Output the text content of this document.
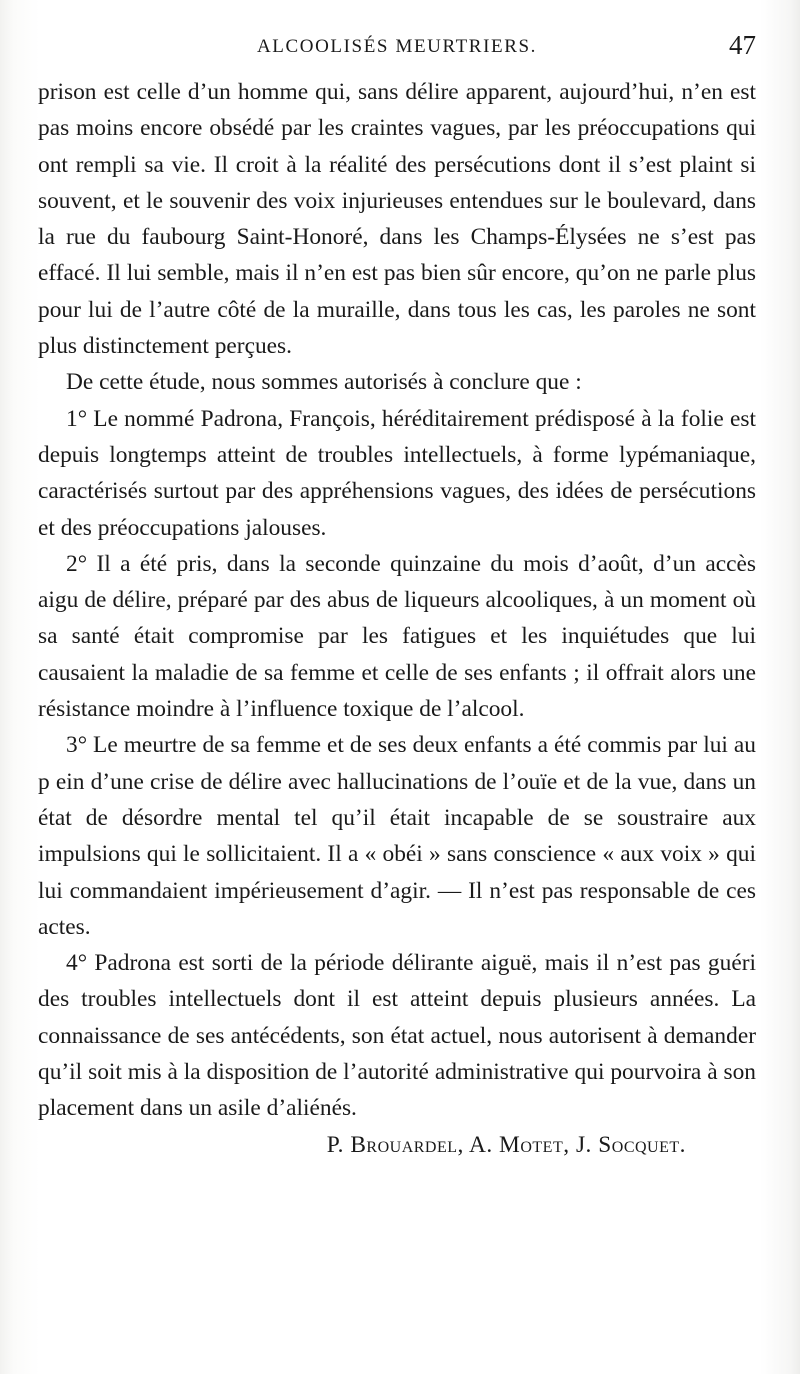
ALCOOLISÉS MEURTRIERS.	47

prison est celle d’un homme qui, sans délire apparent, aujourd’hui, n’en est pas moins encore obsédé par les craintes vagues, par les préoccupations qui ont rempli sa vie. Il croit à la réalité des persécutions dont il s’est plaint si souvent, et le souvenir des voix injurieuses entendues sur le boulevard, dans la rue du faubourg Saint-Honoré, dans les Champs-Élysées ne s’est pas effacé. Il lui semble, mais il n’en est pas bien sûr encore, qu’on ne parle plus pour lui de l’autre côté de la muraille, dans tous les cas, les paroles ne sont plus distinctement perçues.

De cette étude, nous sommes autorisés à conclure que :

1° Le nommé Padrona, François, héréditairement prédisposé à la folie est depuis longtemps atteint de troubles intellectuels, à forme lypémaniaque, caractérisés surtout par des appréhensions vagues, des idées de persécutions et des préoccupations jalouses.

2° Il a été pris, dans la seconde quinzaine du mois d’août, d’un accès aigu de délire, préparé par des abus de liqueurs alcooliques, à un moment où sa santé était compromise par les fatigues et les inquiétudes que lui causaient la maladie de sa femme et celle de ses enfants ; il offrait alors une résistance moindre à l’influence toxique de l’alcool.

3° Le meurtre de sa femme et de ses deux enfants a été commis par lui au p ein d’une crise de délire avec hallucinations de l’ouïe et de la vue, dans un état de désordre mental tel qu’il était incapable de se soustraire aux impulsions qui le sollicitaient. Il a « obéi » sans conscience « aux voix » qui lui commandaient impérieusement d’agir. — Il n’est pas responsable de ces actes.

4° Padrona est sorti de la période délirante aiguë, mais il n’est pas guéri des troubles intellectuels dont il est atteint depuis plusieurs années. La connaissance de ses antécédents, son état actuel, nous autorisent à demander qu’il soit mis à la disposition de l’autorité administrative qui pourvoira à son placement dans un asile d’aliénés.

P. Brouardel, A. Motet, J. Socquet.
